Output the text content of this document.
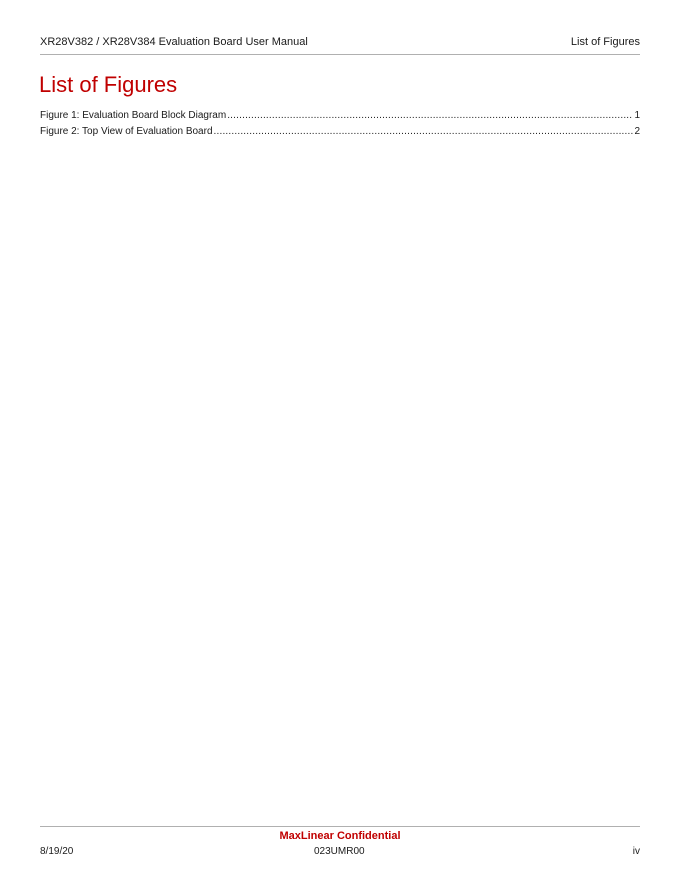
XR28V382 / XR28V384 Evaluation Board User Manual	List of Figures
List of Figures
Figure 1: Evaluation Board Block Diagram .....	1
Figure 2: Top View of Evaluation Board .....	2
MaxLinear Confidential
8/19/20	023UMR00	iv
